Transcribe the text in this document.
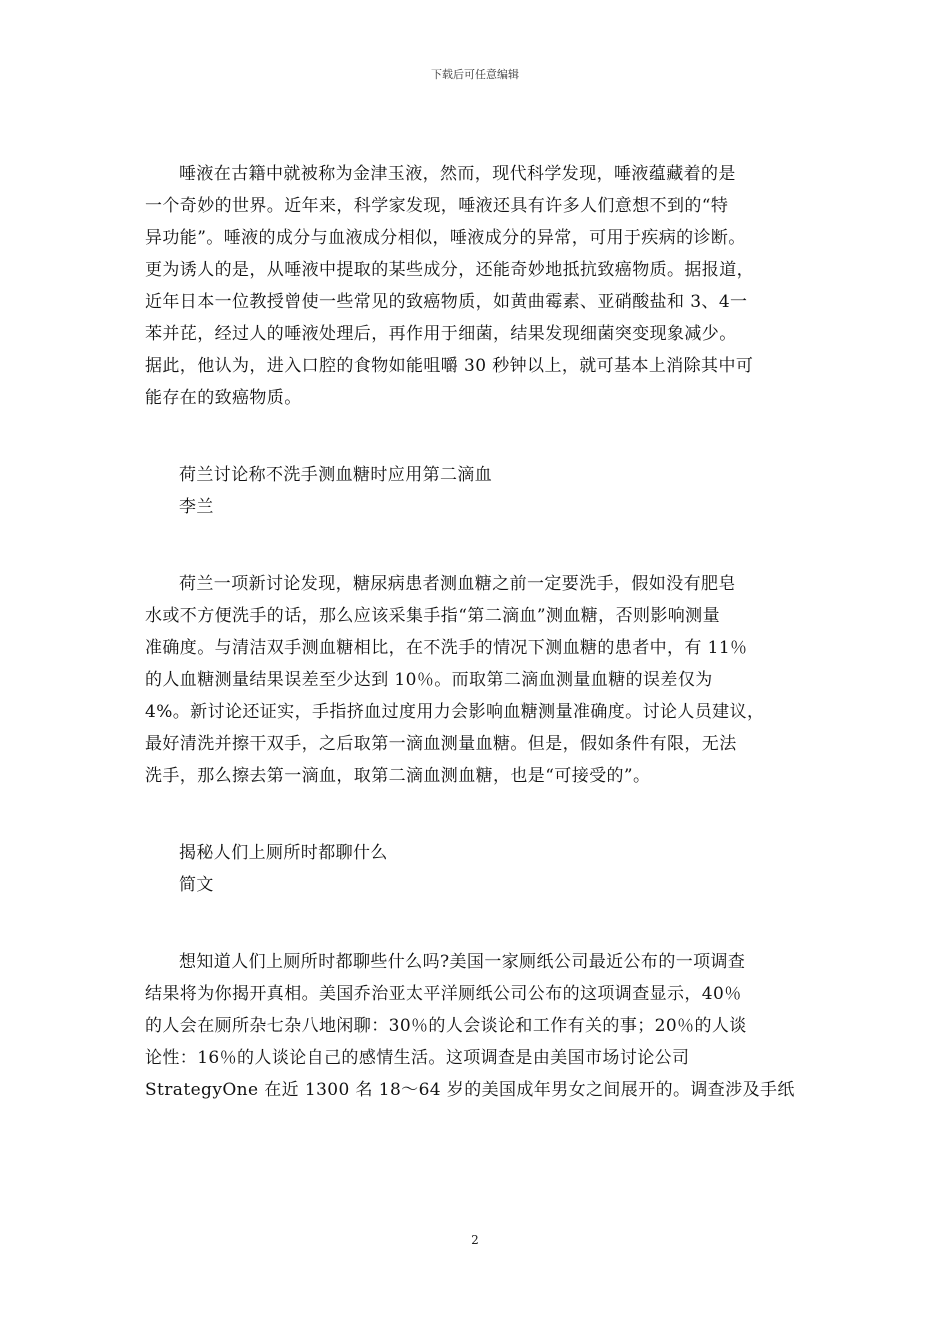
下载后可任意编辑
唾液在古籍中就被称为金津玉液，然而，现代科学发现，唾液蕴藏着的是
一个奇妙的世界。近年来，科学家发现，唾液还具有许多人们意想不到的“特
异功能”。唾液的成分与血液成分相似，唾液成分的异常，可用于疾病的诊断。
更为诱人的是，从唾液中提取的某些成分，还能奇妙地抵抗致癌物质。据报道，
近年日本一位教授曾使一些常见的致癌物质，如黄曲霉素、亚硝酸盐和 3、4一
苯并芘，经过人的唾液处理后，再作用于细菌，结果发现细菌突变现象减少。
据此，他认为，进入口腔的食物如能咀嚼 30 秒钟以上，就可基本上消除其中可
能存在的致癌物质。
荷兰讨论称不洗手测血糖时应用第二滴血
李兰
荷兰一项新讨论发现，糖尿病患者测血糖之前一定要洗手，假如没有肥皂
水或不方便洗手的话，那么应该采集手指“第二滴血”测血糖，否则影响测量
准确度。与清洁双手测血糖相比，在不洗手的情况下测血糖的患者中，有 11％
的人血糖测量结果误差至少达到 10％。而取第二滴血测量血糖的误差仅为
4%。新讨论还证实，手指挤血过度用力会影响血糖测量准确度。讨论人员建议，
最好清洗并擦干双手，之后取第一滴血测量血糖。但是，假如条件有限，无法
洗手，那么擦去第一滴血，取第二滴血测血糖，也是“可接受的”。
揭秘人们上厕所时都聊什么
简文
想知道人们上厕所时都聊些什么吗?美国一家厕纸公司最近公布的一项调查
结果将为你揭开真相。美国乔治亚太平洋厕纸公司公布的这项调查显示，40％
的人会在厕所杂七杂八地闲聊：30％的人会谈论和工作有关的事；20％的人谈
论性：16％的人谈论自己的感情生活。这项调查是由美国市场讨论公司
StrategyOne 在近 1300 名 18～64 岁的美国成年男女之间展开的。调查涉及手纸
2
